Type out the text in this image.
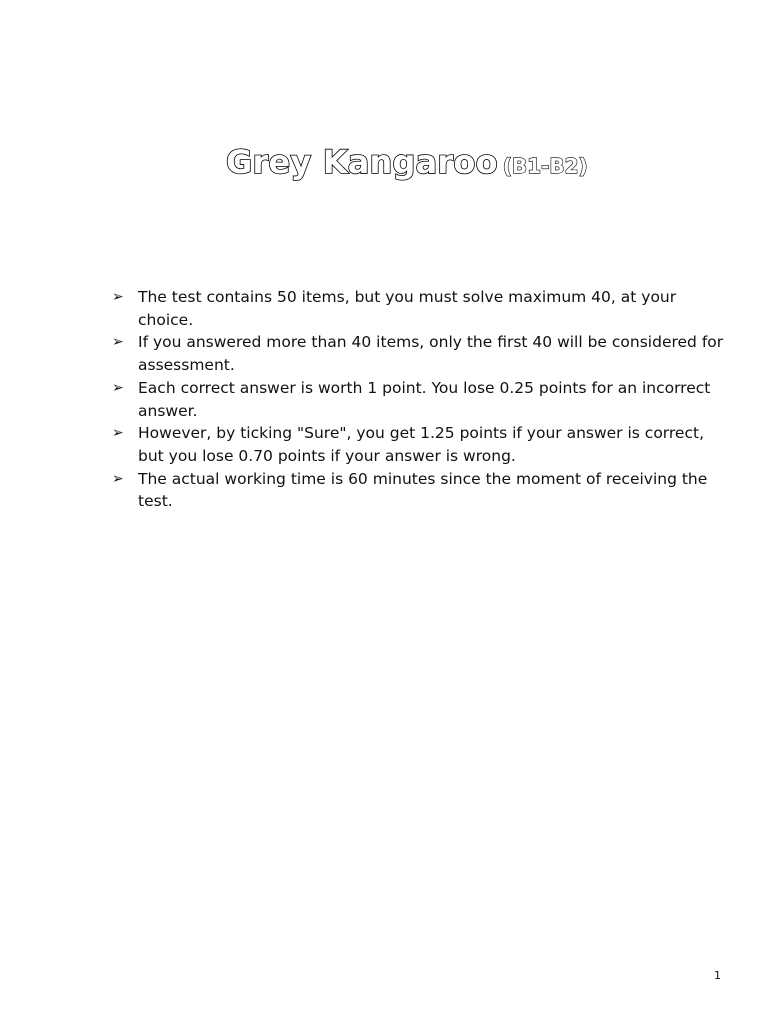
Grey Kangaroo (B1-B2)
➢ The test contains 50 items, but you must solve maximum 40, at your choice.
➢ If you answered more than 40 items, only the first 40 will be considered for assessment.
➢ Each correct answer is worth 1 point. You lose 0.25 points for an incorrect answer.
➢ However, by ticking "Sure", you get 1.25 points if your answer is correct, but you lose 0.70 points if your answer is wrong.
➢ The actual working time is 60 minutes since the moment of receiving the test.
1
